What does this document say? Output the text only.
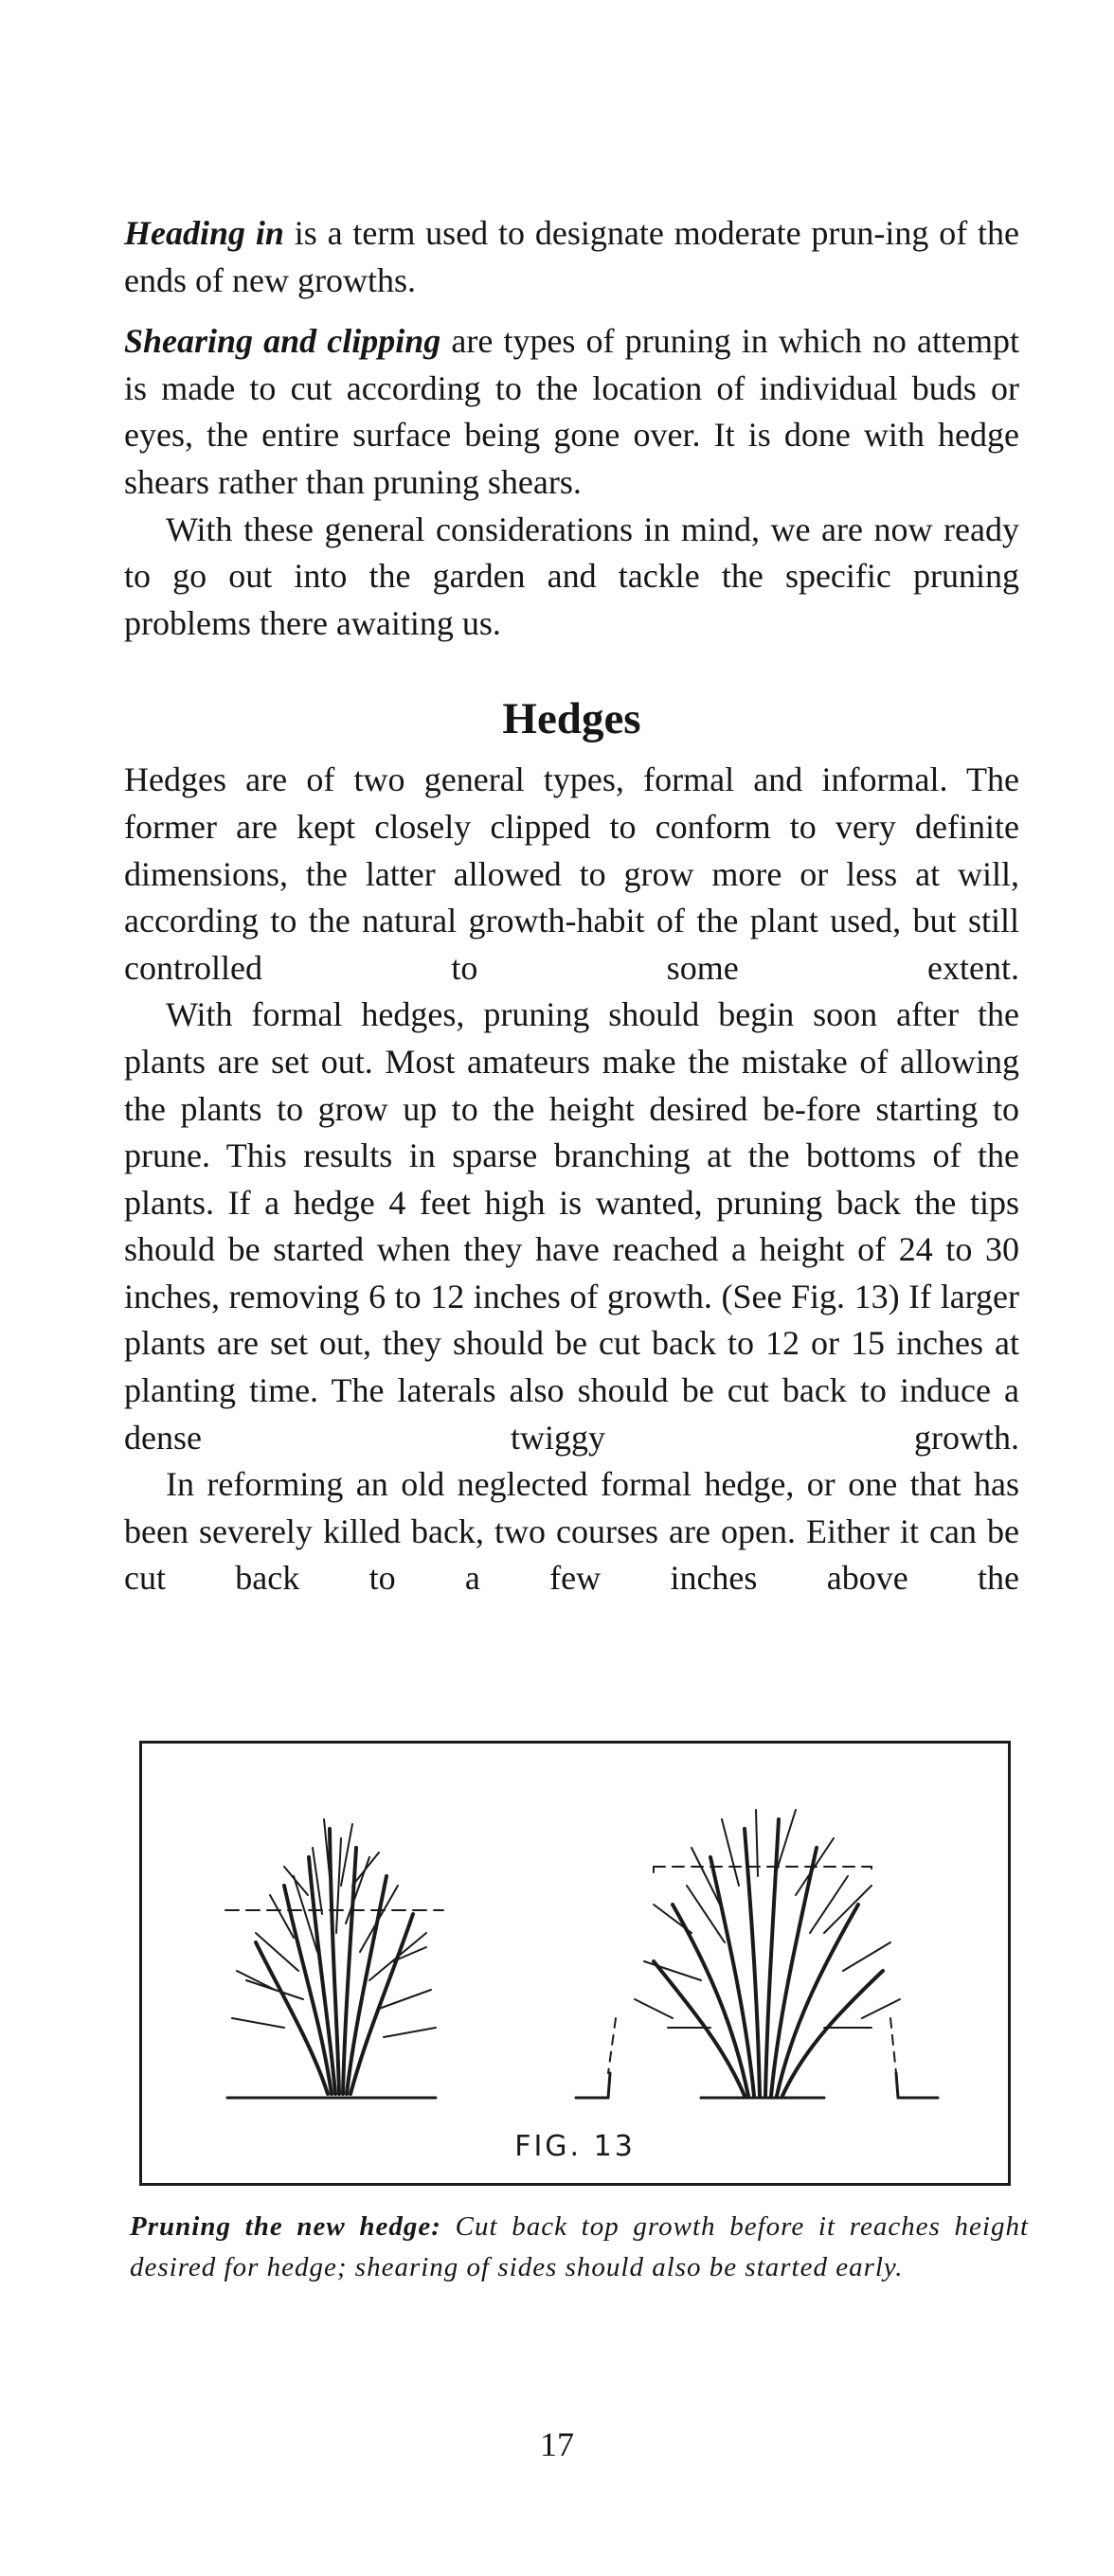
Heading in is a term used to designate moderate prun-ing of the ends of new growths.

Shearing and clipping are types of pruning in which no attempt is made to cut according to the location of individual buds or eyes, the entire surface being gone over. It is done with hedge shears rather than pruning shears.

With these general considerations in mind, we are now ready to go out into the garden and tackle the specific pruning problems there awaiting us.

Hedges

Hedges are of two general types, formal and informal. The former are kept closely clipped to conform to very definite dimensions, the latter allowed to grow more or less at will, according to the natural growth-habit of the plant used, but still controlled to some extent.

With formal hedges, pruning should begin soon after the plants are set out. Most amateurs make the mistake of allowing the plants to grow up to the height desired be-fore starting to prune. This results in sparse branching at the bottoms of the plants. If a hedge 4 feet high is wanted, pruning back the tips should be started when they have reached a height of 24 to 30 inches, removing 6 to 12 inches of growth. (See Fig. 13) If larger plants are set out, they should be cut back to 12 or 15 inches at planting time. The laterals also should be cut back to induce a dense twiggy growth.

In reforming an old neglected formal hedge, or one that has been severely killed back, two courses are open. Either it can be cut back to a few inches above the

FIG. 13
Pruning the new hedge: Cut back top growth before it reaches height desired for hedge; shearing of sides should also be started early.
17
